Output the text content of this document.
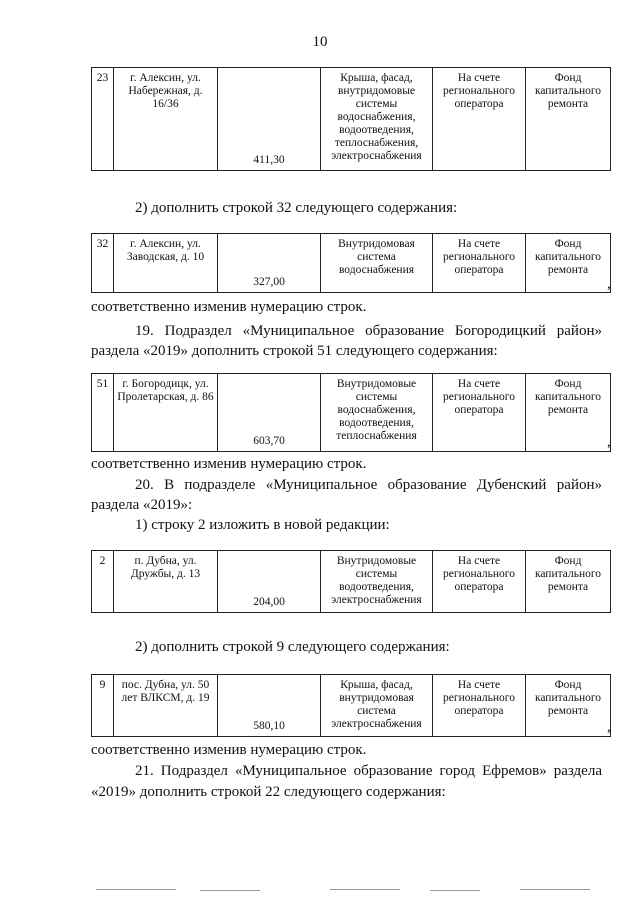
10
23	г. Алексин, ул. Набережная, д. 16/36	411,30	Крыша, фасад, внутридомовые системы водоснабжения, водоотведения, теплоснабжения, электроснабжения	На счете регионального оператора	Фонд капитального ремонта
2) дополнить строкой 32 следующего содержания:
32	г. Алексин, ул. Заводская, д. 10	327,00	Внутридомовая система водоснабжения	На счете регионального оператора	Фонд капитального ремонта
,
соответственно изменив нумерацию строк.
19. Подраздел «Муниципальное образование Богородицкий район»
раздела «2019» дополнить строкой 51 следующего содержания:
51	г. Богородицк, ул. Пролетарская, д. 86	603,70	Внутридомовые системы водоснабжения, водоотведения, теплоснабжения	На счете регионального оператора	Фонд капитального ремонта
,
соответственно изменив нумерацию строк.
20. В подразделе «Муниципальное образование Дубенский район»
раздела «2019»:
1) строку 2 изложить в новой редакции:
2	п. Дубна, ул. Дружбы, д. 13	204,00	Внутридомовые системы водоотведения, электроснабжения	На счете регионального оператора	Фонд капитального ремонта
2) дополнить строкой 9 следующего содержания:
9	пос. Дубна, ул. 50 лет ВЛКСМ, д. 19	580,10	Крыша, фасад, внутридомовая система электроснабжения	На счете регионального оператора	Фонд капитального ремонта
,
соответственно изменив нумерацию строк.
21. Подраздел «Муниципальное образование город Ефремов» раздела
«2019» дополнить строкой 22 следующего содержания:
